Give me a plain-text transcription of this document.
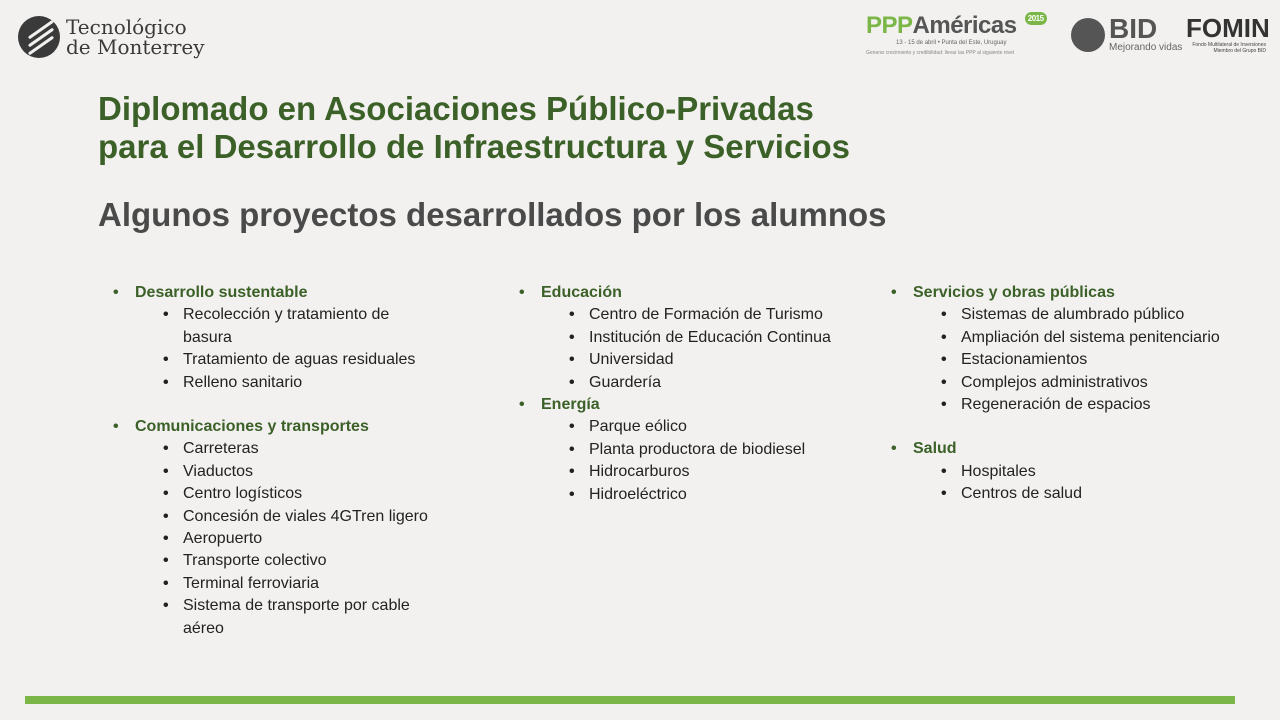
Tecnológico
de Monterrey
PPPAméricas 2015
13 - 15 de abril • Punta del Este, Uruguay
Generar crecimiento y credibilidad: llevar las PPP al siguiente nivel
BID
Mejorando vidas
FOMIN
Fondo Multilateral de Inversiones Miembro del Grupo BID
Diplomado en Asociaciones Público-Privadas
para el Desarrollo de Infraestructura y Servicios
Algunos proyectos desarrollados por los alumnos
• Desarrollo sustentable
• Recolección y tratamiento de basura
• Tratamiento de aguas residuales
• Relleno sanitario
• Comunicaciones y transportes
• Carreteras
• Viaductos
• Centro logísticos
• Concesión de viales 4GTren ligero
• Aeropuerto
• Transporte colectivo
• Terminal ferroviaria
• Sistema de transporte por cable aéreo
• Educación
• Centro de Formación de Turismo
• Institución de Educación Continua
• Universidad
• Guardería
• Energía
• Parque eólico
• Planta productora de biodiesel
• Hidrocarburos
• Hidroeléctrico
• Servicios y obras públicas
• Sistemas de alumbrado público
• Ampliación del sistema penitenciario
• Estacionamientos
• Complejos administrativos
• Regeneración de espacios
• Salud
• Hospitales
• Centros de salud
